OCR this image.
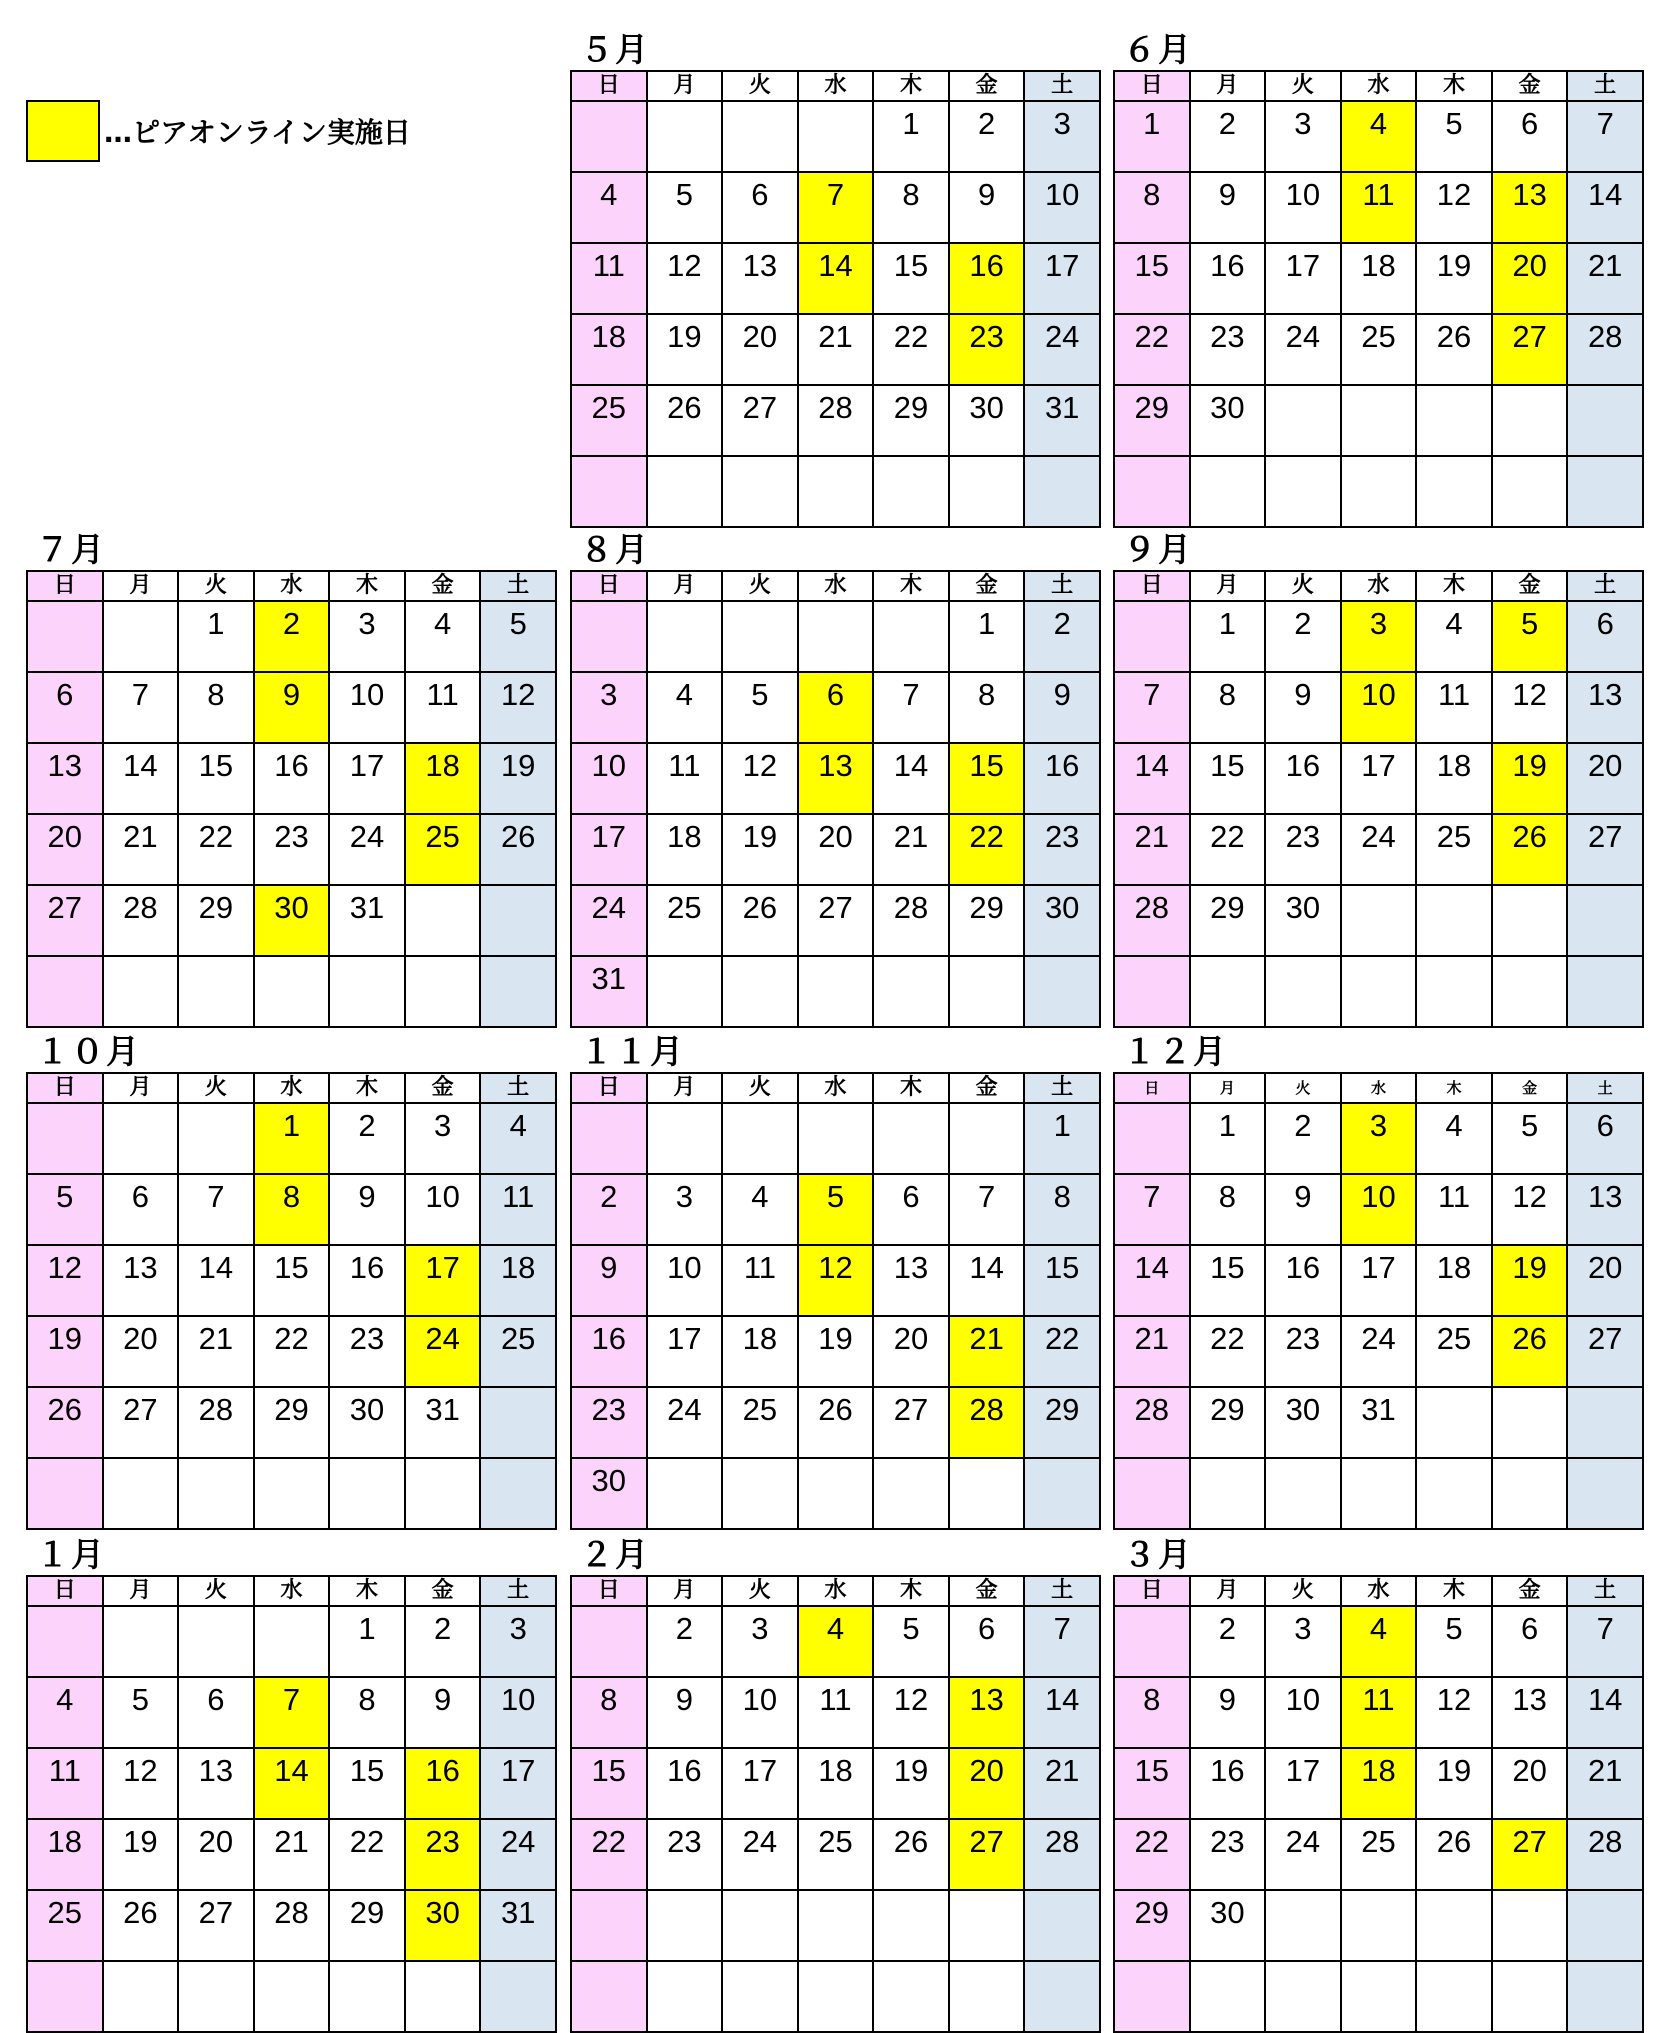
…ピアオンライン実施日
５月
日	月	火	水	木	金	土
				1	2	3
4	5	6	7	8	9	10
11	12	13	14	15	16	17
18	19	20	21	22	23	24
25	26	27	28	29	30	31

６月
日	月	火	水	木	金	土
1	2	3	4	5	6	7
8	9	10	11	12	13	14
15	16	17	18	19	20	21
22	23	24	25	26	27	28
29	30					

７月
日	月	火	水	木	金	土
		1	2	3	4	5
6	7	8	9	10	11	12
13	14	15	16	17	18	19
20	21	22	23	24	25	26
27	28	29	30	31		

８月
日	月	火	水	木	金	土
					1	2
3	4	5	6	7	8	9
10	11	12	13	14	15	16
17	18	19	20	21	22	23
24	25	26	27	28	29	30
31						
９月
日	月	火	水	木	金	土
	1	2	3	4	5	6
7	8	9	10	11	12	13
14	15	16	17	18	19	20
21	22	23	24	25	26	27
28	29	30				

１０月
日	月	火	水	木	金	土
			1	2	3	4
5	6	7	8	9	10	11
12	13	14	15	16	17	18
19	20	21	22	23	24	25
26	27	28	29	30	31	

１１月
日	月	火	水	木	金	土
						1
2	3	4	5	6	7	8
9	10	11	12	13	14	15
16	17	18	19	20	21	22
23	24	25	26	27	28	29
30						
１２月
日	月	火	水	木	金	土
	1	2	3	4	5	6
7	8	9	10	11	12	13
14	15	16	17	18	19	20
21	22	23	24	25	26	27
28	29	30	31			

１月
日	月	火	水	木	金	土
				1	2	3
4	5	6	7	8	9	10
11	12	13	14	15	16	17
18	19	20	21	22	23	24
25	26	27	28	29	30	31

２月
日	月	火	水	木	金	土
	2	3	4	5	6	7
8	9	10	11	12	13	14
15	16	17	18	19	20	21
22	23	24	25	26	27	28

３月
日	月	火	水	木	金	土
	2	3	4	5	6	7
8	9	10	11	12	13	14
15	16	17	18	19	20	21
22	23	24	25	26	27	28
29	30					
